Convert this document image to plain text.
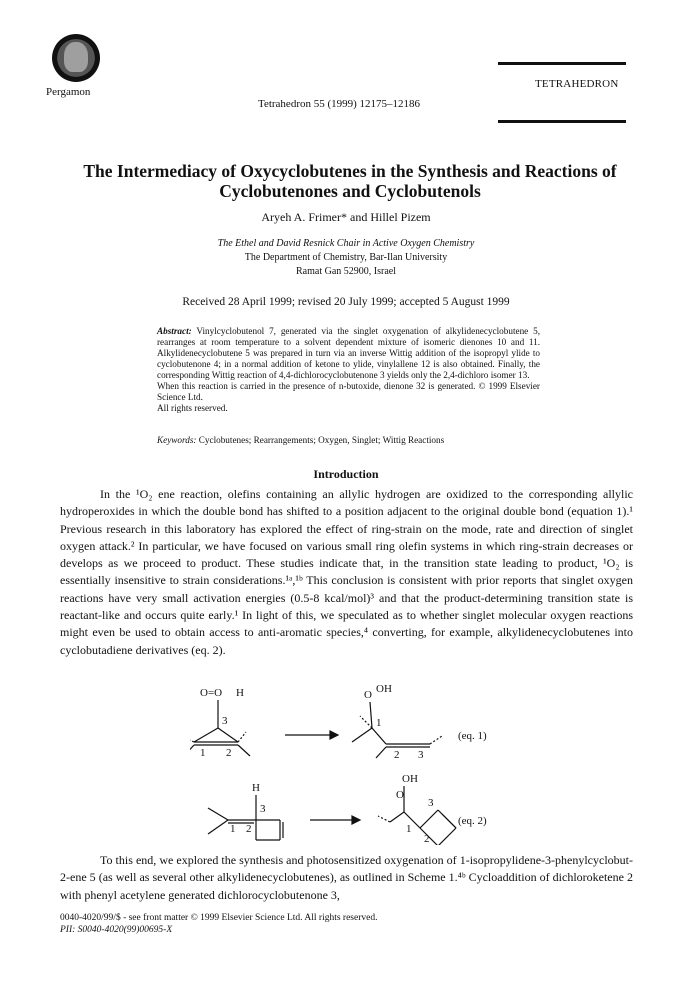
Pergamon
Tetrahedron 55 (1999) 12175–12186
TETRAHEDRON
The Intermediacy of Oxycyclobutenes in the Synthesis and Reactions of
Cyclobutenones and Cyclobutenols
Aryeh A. Frimer* and Hillel Pizem
The Ethel and David Resnick Chair in Active Oxygen Chemistry
The Department of Chemistry, Bar-Ilan University
Ramat Gan 52900, Israel
Received 28 April 1999; revised 20 July 1999; accepted 5 August 1999

Abstract: Vinylcyclobutenol 7, generated via the singlet oxygenation of alkylidenecyclobutene 5, rearranges at room temperature to a solvent dependent mixture of isomeric dienones 10 and 11. Alkylidenecyclobutene 5 was prepared in turn via an inverse Wittig addition of the isopropyl ylide to cyclobutenone 4; in a normal addition of ketone to ylide, vinylallene 12 is also obtained. Finally, the corresponding Wittig reaction of 4,4-dichlorocyclobutenone 3 yields only the 2,4-dichloro isomer 13.

When this reaction is carried in the presence of n-butoxide, dienone 32 is generated. © 1999 Elsevier Science Ltd.

All rights reserved.

Keywords: Cyclobutenes; Rearrangements; Oxygen, Singlet; Wittig Reactions
Introduction

In the ¹O₂ ene reaction, olefins containing an allylic hydrogen are oxidized to the corresponding allylic hydroperoxides in which the double bond has shifted to a position adjacent to the original double bond (equation 1).¹ Previous research in this laboratory has explored the effect of ring-strain on the mode, rate and direction of singlet oxygen attack.² In particular, we have focused on various small ring olefin systems in which ring-strain decreases or develops as we proceed to product. These studies indicate that, in the transition state leading to product, ¹O₂ is essentially insensitive to strain considerations.¹ᵃ,¹ᵇ This conclusion is consistent with prior reports that singlet oxygen reactions have very small activation energies (0.5-8 kcal/mol)³ and that the product-determining transition state is reactant-like and occurs quite early.¹ In light of this, we speculated as to whether singlet molecular oxygen reactions might even be used to obtain access to anti-aromatic species,⁴ converting, for example, alkylidenecyclobutenes into cyclobutadiene derivatives (eq. 2).

O=O H
3
1 2
O OH
1
2 3
(eq. 1)
H
3
1 2
OH
O
3
1
2
(eq. 2)

To this end, we explored the synthesis and photosensitized oxygenation of 1-isopropylidene-3-phenylcyclobut-2-ene 5 (as well as several other alkylidenecyclobutenes), as outlined in Scheme 1.⁴ᵇ Cycloaddition of dichloroketene 2 with phenyl acetylene generated dichlorocyclobutenone 3,

0040-4020/99/$ - see front matter © 1999 Elsevier Science Ltd. All rights reserved.
PII: S0040-4020(99)00695-X
